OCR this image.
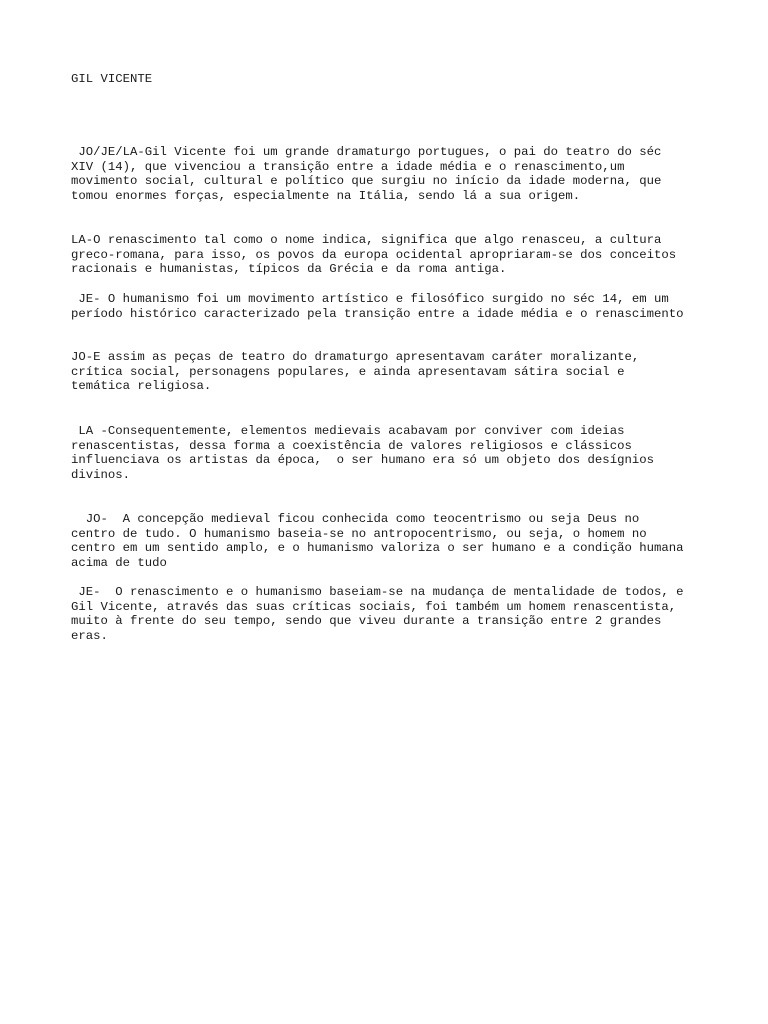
GIL VICENTE

JO/JE/LA-Gil Vicente foi um grande dramaturgo portugues, o pai do teatro do séc
XIV (14), que vivenciou a transição entre a idade média e o renascimento,um
movimento social, cultural e político que surgiu no início da idade moderna, que
tomou enormes forças, especialmente na Itália, sendo lá a sua origem.

LA-O renascimento tal como o nome indica, significa que algo renasceu, a cultura
greco-romana, para isso, os povos da europa ocidental apropriaram-se dos conceitos
racionais e humanistas, típicos da Grécia e da roma antiga.

JE- O humanismo foi um movimento artístico e filosófico surgido no séc 14, em um
período histórico caracterizado pela transição entre a idade média e o renascimento

JO-E assim as peças de teatro do dramaturgo apresentavam caráter moralizante,
crítica social, personagens populares, e ainda apresentavam sátira social e
temática religiosa.

LA -Consequentemente, elementos medievais acabavam por conviver com ideias
renascentistas, dessa forma a coexistência de valores religiosos e clássicos
influenciava os artistas da época,  o ser humano era só um objeto dos desígnios
divinos.

JO-  A concepção medieval ficou conhecida como teocentrismo ou seja Deus no
centro de tudo. O humanismo baseia-se no antropocentrismo, ou seja, o homem no
centro em um sentido amplo, e o humanismo valoriza o ser humano e a condição humana
acima de tudo

JE-  O renascimento e o humanismo baseiam-se na mudança de mentalidade de todos, e
Gil Vicente, através das suas críticas sociais, foi também um homem renascentista,
muito à frente do seu tempo, sendo que viveu durante a transição entre 2 grandes
eras.
